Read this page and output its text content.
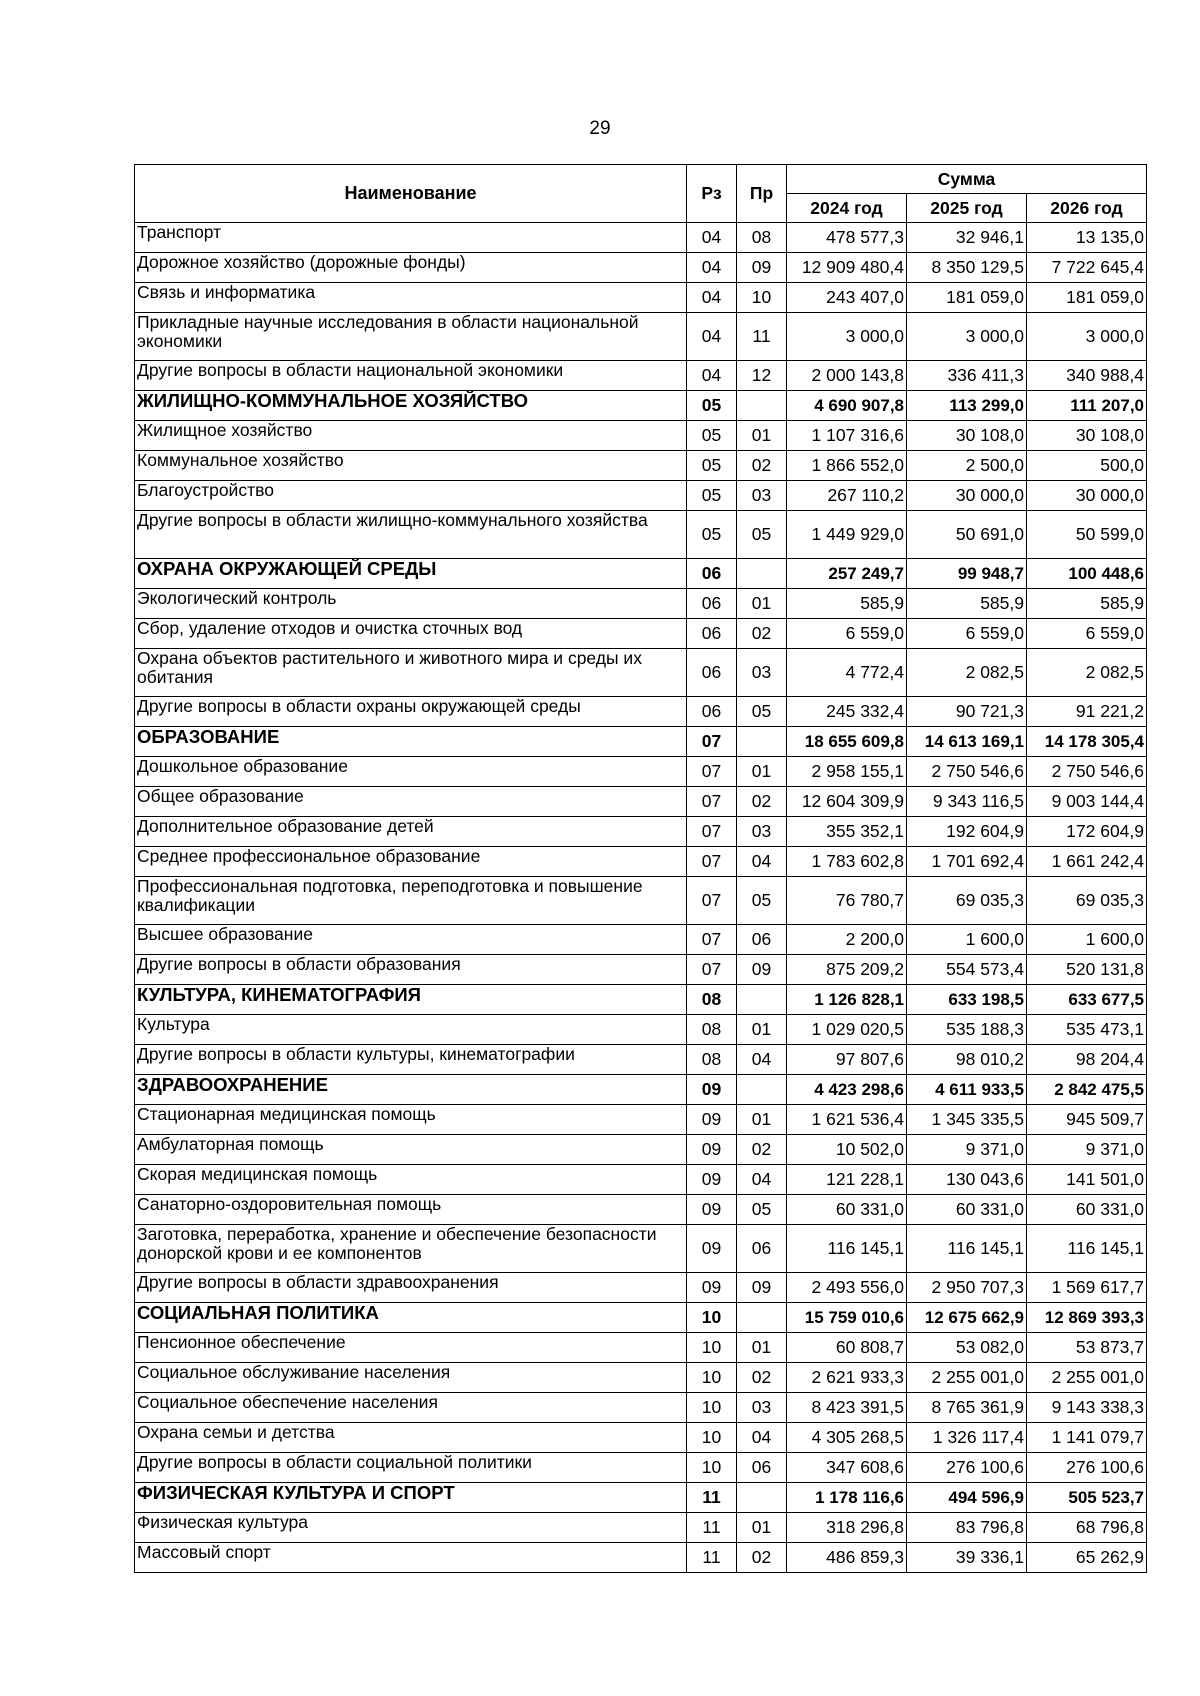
29
Наименование	Рз	Пр	Сумма		
			2024 год	2025 год	2026 год
Транспорт	04	08	478 577,3	32 946,1	13 135,0
Дорожное хозяйство (дорожные фонды)	04	09	12 909 480,4	8 350 129,5	7 722 645,4
Связь и информатика	04	10	243 407,0	181 059,0	181 059,0
Прикладные научные исследования в области национальной экономики	04	11	3 000,0	3 000,0	3 000,0
Другие вопросы в области национальной экономики	04	12	2 000 143,8	336 411,3	340 988,4
ЖИЛИЩНО-КОММУНАЛЬНОЕ ХОЗЯЙСТВО	05		4 690 907,8	113 299,0	111 207,0
Жилищное хозяйство	05	01	1 107 316,6	30 108,0	30 108,0
Коммунальное хозяйство	05	02	1 866 552,0	2 500,0	500,0
Благоустройство	05	03	267 110,2	30 000,0	30 000,0
Другие вопросы в области жилищно-коммунального хозяйства	05	05	1 449 929,0	50 691,0	50 599,0
ОХРАНА ОКРУЖАЮЩЕЙ СРЕДЫ	06		257 249,7	99 948,7	100 448,6
Экологический контроль	06	01	585,9	585,9	585,9
Сбор, удаление отходов и очистка сточных вод	06	02	6 559,0	6 559,0	6 559,0
Охрана объектов растительного и животного мира и среды их обитания	06	03	4 772,4	2 082,5	2 082,5
Другие вопросы в области охраны окружающей среды	06	05	245 332,4	90 721,3	91 221,2
ОБРАЗОВАНИЕ	07		18 655 609,8	14 613 169,1	14 178 305,4
Дошкольное образование	07	01	2 958 155,1	2 750 546,6	2 750 546,6
Общее образование	07	02	12 604 309,9	9 343 116,5	9 003 144,4
Дополнительное образование детей	07	03	355 352,1	192 604,9	172 604,9
Среднее профессиональное образование	07	04	1 783 602,8	1 701 692,4	1 661 242,4
Профессиональная подготовка, переподготовка и повышение квалификации	07	05	76 780,7	69 035,3	69 035,3
Высшее образование	07	06	2 200,0	1 600,0	1 600,0
Другие вопросы в области образования	07	09	875 209,2	554 573,4	520 131,8
КУЛЬТУРА, КИНЕМАТОГРАФИЯ	08		1 126 828,1	633 198,5	633 677,5
Культура	08	01	1 029 020,5	535 188,3	535 473,1
Другие вопросы в области культуры, кинематографии	08	04	97 807,6	98 010,2	98 204,4
ЗДРАВООХРАНЕНИЕ	09		4 423 298,6	4 611 933,5	2 842 475,5
Стационарная медицинская помощь	09	01	1 621 536,4	1 345 335,5	945 509,7
Амбулаторная помощь	09	02	10 502,0	9 371,0	9 371,0
Скорая медицинская помощь	09	04	121 228,1	130 043,6	141 501,0
Санаторно-оздоровительная помощь	09	05	60 331,0	60 331,0	60 331,0
Заготовка, переработка, хранение и обеспечение безопасности донорской крови и ее компонентов	09	06	116 145,1	116 145,1	116 145,1
Другие вопросы в области здравоохранения	09	09	2 493 556,0	2 950 707,3	1 569 617,7
СОЦИАЛЬНАЯ ПОЛИТИКА	10		15 759 010,6	12 675 662,9	12 869 393,3
Пенсионное обеспечение	10	01	60 808,7	53 082,0	53 873,7
Социальное обслуживание населения	10	02	2 621 933,3	2 255 001,0	2 255 001,0
Социальное обеспечение населения	10	03	8 423 391,5	8 765 361,9	9 143 338,3
Охрана семьи и детства	10	04	4 305 268,5	1 326 117,4	1 141 079,7
Другие вопросы в области социальной политики	10	06	347 608,6	276 100,6	276 100,6
ФИЗИЧЕСКАЯ КУЛЬТУРА И СПОРТ	11		1 178 116,6	494 596,9	505 523,7
Физическая культура	11	01	318 296,8	83 796,8	68 796,8
Массовый спорт	11	02	486 859,3	39 336,1	65 262,9
